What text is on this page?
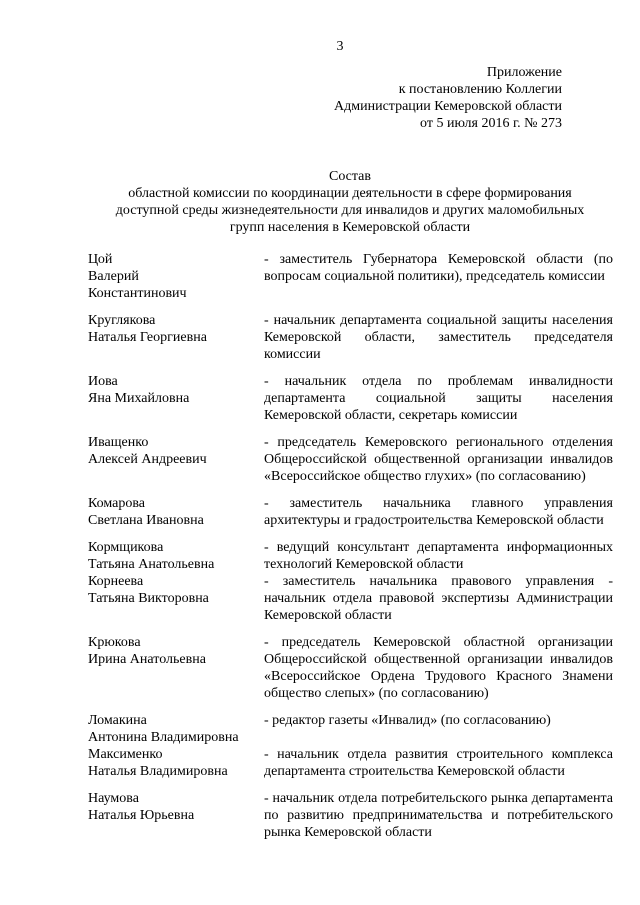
3
Приложение
к постановлению Коллегии
Администрации Кемеровской области
от 5 июля 2016 г. № 273
Состав
областной комиссии по координации деятельности в сфере формирования
доступной среды жизнедеятельности для инвалидов и других маломобильных
групп населения в Кемеровской области
Цой
Валерий
Константинович
- заместитель Губернатора Кемеровской области (по вопросам социальной политики), председатель комиссии
Круглякова
Наталья Георгиевна
- начальник департамента социальной защиты населения Кемеровской области, заместитель председателя комиссии
Иова
Яна Михайловна
- начальник отдела по проблемам инвалидности департамента социальной защиты населения Кемеровской области, секретарь комиссии
Иващенко
Алексей Андреевич
- председатель Кемеровского регионального отделения Общероссийской общественной организации инвалидов «Всероссийское общество глухих» (по согласованию)
Комарова
Светлана Ивановна
- заместитель начальника главного управления архитектуры и градостроительства Кемеровской области
Кормщикова
Татьяна Анатольевна
- ведущий консультант департамента информационных технологий Кемеровской области
Корнеева
Татьяна Викторовна
- заместитель начальника правового управления - начальник отдела правовой экспертизы Администрации Кемеровской области
Крюкова
Ирина Анатольевна
- председатель Кемеровской областной организации Общероссийской общественной организации инвалидов «Всероссийское Ордена Трудового Красного Знамени общество слепых» (по согласованию)
Ломакина
Антонина Владимировна
- редактор газеты «Инвалид» (по согласованию)
Максименко
Наталья Владимировна
- начальник отдела развития строительного комплекса департамента строительства Кемеровской области
Наумова
Наталья Юрьевна
- начальник отдела потребительского рынка департамента по развитию предпринимательства и потребительского рынка Кемеровской области
